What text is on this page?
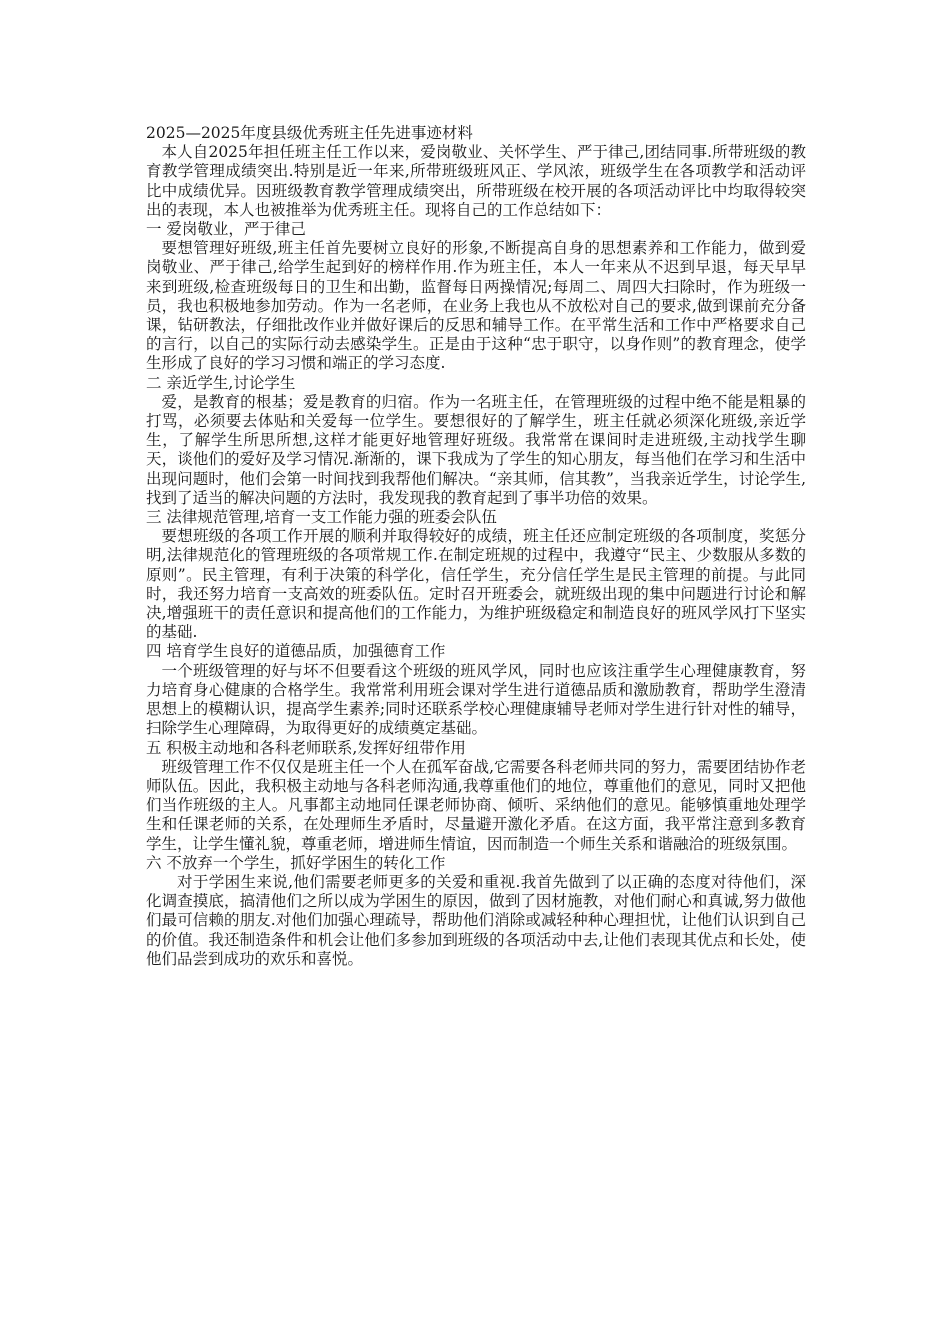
2025—2025年度县级优秀班主任先进事迹材料

本人自2025年担任班主任工作以来，爱岗敬业、关怀学生、严于律己,团结同事.所带班级的教育教学管理成绩突出.特别是近一年来,所带班级班风正、学风浓，班级学生在各项教学和活动评比中成绩优异。因班级教育教学管理成绩突出，所带班级在校开展的各项活动评比中均取得较突出的表现，本人也被推举为优秀班主任。现将自己的工作总结如下：

一 爱岗敬业，严于律己

要想管理好班级,班主任首先要树立良好的形象,不断提高自身的思想素养和工作能力，做到爱岗敬业、严于律己,给学生起到好的榜样作用.作为班主任，本人一年来从不迟到早退，每天早早来到班级,检查班级每日的卫生和出勤，监督每日两操情况;每周二、周四大扫除时，作为班级一员，我也积极地参加劳动。作为一名老师，在业务上我也从不放松对自己的要求,做到课前充分备课，钻研教法，仔细批改作业并做好课后的反思和辅导工作。在平常生活和工作中严格要求自己的言行，以自己的实际行动去感染学生。正是由于这种“忠于职守，以身作则”的教育理念，使学生形成了良好的学习习惯和端正的学习态度.

二 亲近学生,讨论学生

爱，是教育的根基；爱是教育的归宿。作为一名班主任，在管理班级的过程中绝不能是粗暴的打骂，必须要去体贴和关爱每一位学生。要想很好的了解学生，班主任就必须深化班级,亲近学生，了解学生所思所想,这样才能更好地管理好班级。我常常在课间时走进班级,主动找学生聊天，谈他们的爱好及学习情况.渐渐的，课下我成为了学生的知心朋友，每当他们在学习和生活中出现问题时，他们会第一时间找到我帮他们解决。“亲其师，信其教”，当我亲近学生，讨论学生,找到了适当的解决问题的方法时，我发现我的教育起到了事半功倍的效果。

三 法律规范管理,培育一支工作能力强的班委会队伍

要想班级的各项工作开展的顺利并取得较好的成绩，班主任还应制定班级的各项制度，奖惩分明,法律规范化的管理班级的各项常规工作.在制定班规的过程中，我遵守“民主、少数服从多数的原则”。民主管理，有利于决策的科学化，信任学生，充分信任学生是民主管理的前提。与此同时，我还努力培育一支高效的班委队伍。定时召开班委会，就班级出现的集中问题进行讨论和解决,增强班干的责任意识和提高他们的工作能力，为维护班级稳定和制造良好的班风学风打下坚实的基础.

四 培育学生良好的道德品质，加强德育工作

一个班级管理的好与坏不但要看这个班级的班风学风，同时也应该注重学生心理健康教育，努力培育身心健康的合格学生。我常常利用班会课对学生进行道德品质和激励教育，帮助学生澄清思想上的模糊认识，提高学生素养;同时还联系学校心理健康辅导老师对学生进行针对性的辅导，扫除学生心理障碍，为取得更好的成绩奠定基础。

五 积极主动地和各科老师联系,发挥好纽带作用

班级管理工作不仅仅是班主任一个人在孤军奋战,它需要各科老师共同的努力，需要团结协作老师队伍。因此，我积极主动地与各科老师沟通,我尊重他们的地位，尊重他们的意见，同时又把他们当作班级的主人。凡事都主动地同任课老师协商、倾听、采纳他们的意见。能够慎重地处理学生和任课老师的关系，在处理师生矛盾时，尽量避开激化矛盾。在这方面，我平常注意到多教育学生，让学生懂礼貌，尊重老师，增进师生情谊，因而制造一个师生关系和谐融洽的班级氛围。

六 不放弃一个学生，抓好学困生的转化工作

对于学困生来说,他们需要老师更多的关爱和重视.我首先做到了以正确的态度对待他们，深化调查摸底，搞清他们之所以成为学困生的原因，做到了因材施教，对他们耐心和真诚,努力做他们最可信赖的朋友.对他们加强心理疏导，帮助他们消除或减轻种种心理担忧，让他们认识到自己的价值。我还制造条件和机会让他们多参加到班级的各项活动中去,让他们表现其优点和长处，使他们品尝到成功的欢乐和喜悦。
